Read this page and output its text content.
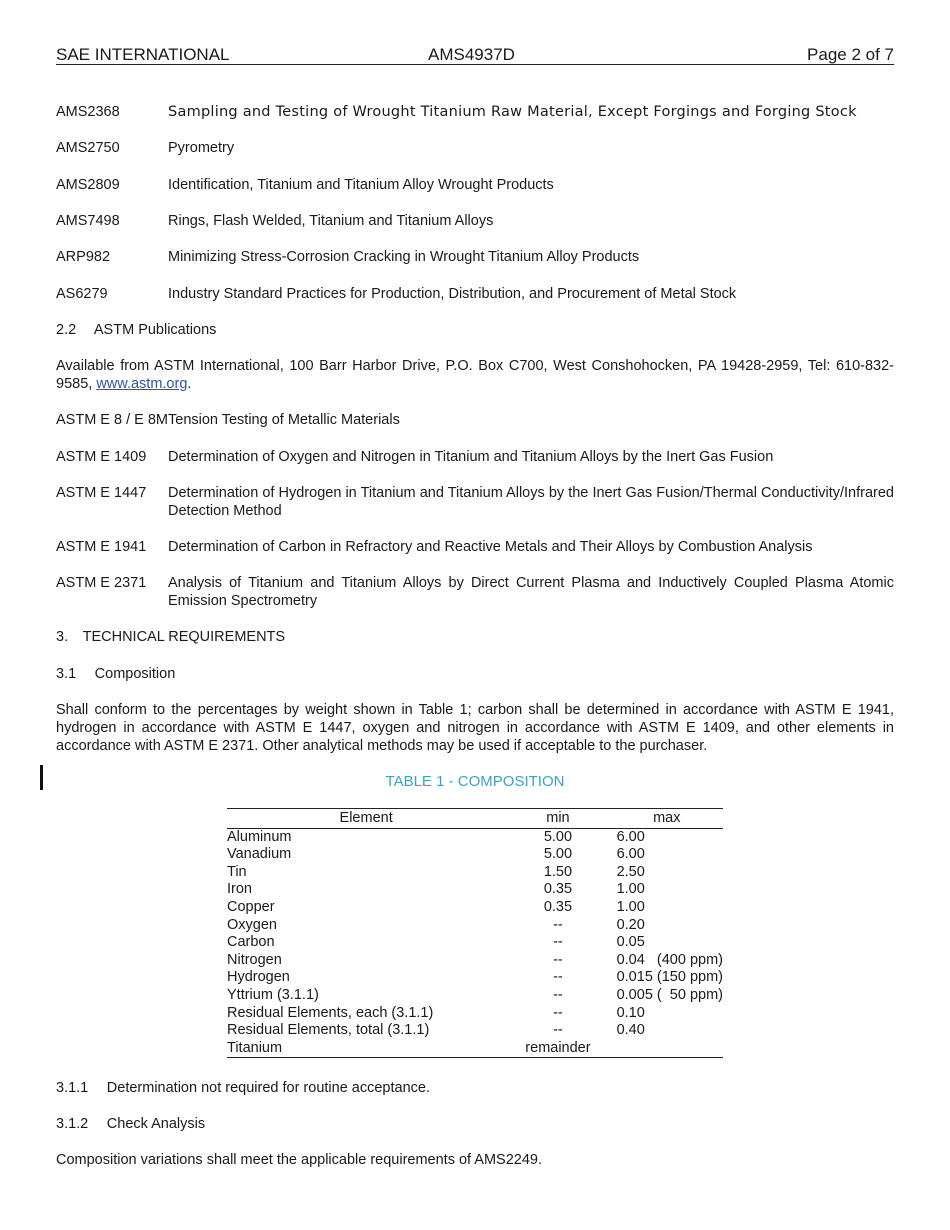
SAE INTERNATIONAL	AMS4937D	Page 2 of 7
AMS2368	Sampling and Testing of Wrought Titanium Raw Material, Except Forgings and Forging Stock
AMS2750	Pyrometry
AMS2809	Identification, Titanium and Titanium Alloy Wrought Products
AMS7498	Rings, Flash Welded, Titanium and Titanium Alloys
ARP982	Minimizing Stress-Corrosion Cracking in Wrought Titanium Alloy Products
AS6279	Industry Standard Practices for Production, Distribution, and Procurement of Metal Stock
2.2  ASTM Publications
Available from ASTM International, 100 Barr Harbor Drive, P.O. Box C700, West Conshohocken, PA 19428-2959, Tel: 610-832-9585, www.astm.org.
ASTM E 8 / E 8MTension Testing of Metallic Materials
ASTM E 1409 Determination of Oxygen and Nitrogen in Titanium and Titanium Alloys by the Inert Gas Fusion
ASTM E 1447 Determination of Hydrogen in Titanium and Titanium Alloys by the Inert Gas Fusion/Thermal Conductivity/Infrared Detection Method
ASTM E 1941 Determination of Carbon in Refractory and Reactive Metals and Their Alloys by Combustion Analysis
ASTM E 2371 Analysis of Titanium and Titanium Alloys by Direct Current Plasma and Inductively Coupled Plasma Atomic Emission Spectrometry
3. TECHNICAL REQUIREMENTS
3.1  Composition
Shall conform to the percentages by weight shown in Table 1; carbon shall be determined in accordance with ASTM E 1941, hydrogen in accordance with ASTM E 1447, oxygen and nitrogen in accordance with ASTM E 1409, and other elements in accordance with ASTM E 2371. Other analytical methods may be used if acceptable to the purchaser.
TABLE 1 - COMPOSITION
Element	min	max
Aluminum	5.00	6.00
Vanadium	5.00	6.00
Tin	1.50	2.50
Iron	0.35	1.00
Copper	0.35	1.00
Oxygen	--	0.20
Carbon	--	0.05
Nitrogen	--	0.04   (400 ppm)
Hydrogen	--	0.015 (150 ppm)
Yttrium (3.1.1)	--	0.005 (  50 ppm)
Residual Elements, each (3.1.1)	--	0.10
Residual Elements, total (3.1.1)	--	0.40
Titanium	remainder	
3.1.1  Determination not required for routine acceptance.
3.1.2  Check Analysis
Composition variations shall meet the applicable requirements of AMS2249.
